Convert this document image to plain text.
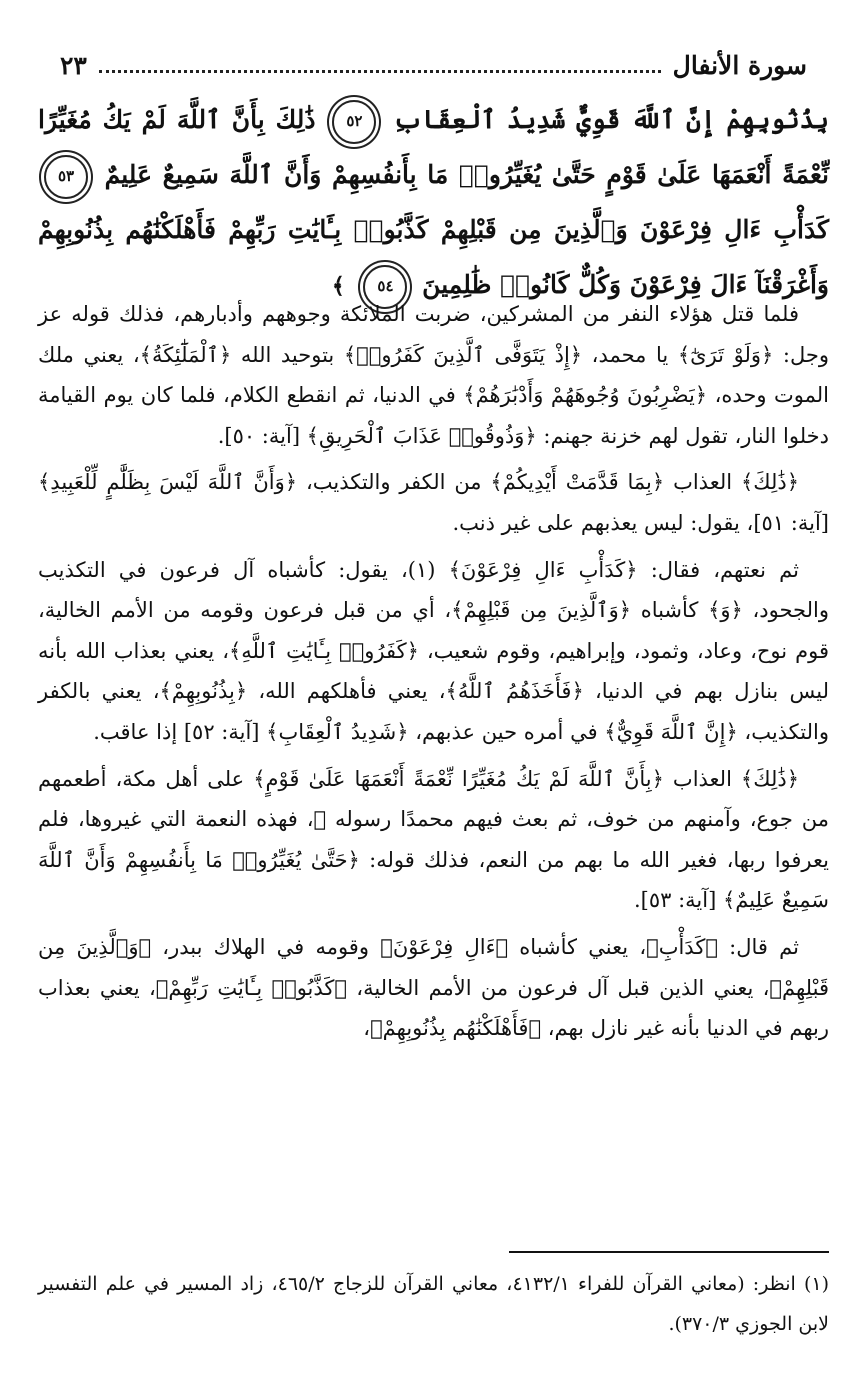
سورة الأنفال
٢٣
بِذُنُوبِهِمْ إِنَّ ٱللَّهَ قَوِيٌّ شَدِيدُ ٱلْعِقَابِ ٥٢ ذَٰلِكَ بِأَنَّ ٱللَّهَ لَمْ يَكُ مُغَيِّرًا نِّعْمَةً أَنْعَمَهَا عَلَىٰ قَوْمٍ حَتَّىٰ يُغَيِّرُوا۟ مَا بِأَنفُسِهِمْ وَأَنَّ ٱللَّهَ سَمِيعٌ عَلِيمٌ ٥٣ كَدَأْبِ ءَالِ فِرْعَوْنَ وَٱلَّذِينَ مِن قَبْلِهِمْ كَذَّبُوا۟ بِـَٔايَٰتِ رَبِّهِمْ فَأَهْلَكْنَٰهُم بِذُنُوبِهِمْ وَأَغْرَقْنَآ ءَالَ فِرْعَوْنَ وَكُلٌّ كَانُوا۟ ظَٰلِمِينَ ٥٤ ﴾

فلما قتل هؤلاء النفر من المشركين، ضربت الملائكة وجوههم وأدبارهم، فذلك قوله عز وجل: ﴿وَلَوْ تَرَىٰٓ﴾ يا محمد، ﴿إِذْ يَتَوَفَّى ٱلَّذِينَ كَفَرُوا۟﴾ بتوحيد الله ﴿ٱلْمَلَٰٓئِكَةُ﴾، يعني ملك الموت وحده، ﴿يَضْرِبُونَ وُجُوهَهُمْ وَأَدْبَٰرَهُمْ﴾ في الدنيا، ثم انقطع الكلام، فلما كان يوم القيامة دخلوا النار، تقول لهم خزنة جهنم: ﴿وَذُوقُوا۟ عَذَابَ ٱلْحَرِيقِ﴾ [آية: ٥٠].

﴿ذَٰلِكَ﴾ العذاب ﴿بِمَا قَدَّمَتْ أَيْدِيكُمْ﴾ من الكفر والتكذيب، ﴿وَأَنَّ ٱللَّهَ لَيْسَ بِظَلَّٰمٍ لِّلْعَبِيدِ﴾ [آية: ٥١]، يقول: ليس يعذبهم على غير ذنب.

ثم نعتهم، فقال: ﴿كَدَأْبِ ءَالِ فِرْعَوْنَ﴾ (١)، يقول: كأشباه آل فرعون في التكذيب والجحود، ﴿وَ﴾ كأشباه ﴿وَٱلَّذِينَ مِن قَبْلِهِمْ﴾، أي من قبل فرعون وقومه من الأمم الخالية، قوم نوح، وعاد، وثمود، وإبراهيم، وقوم شعيب، ﴿كَفَرُوا۟ بِـَٔايَٰتِ ٱللَّهِ﴾، يعني بعذاب الله بأنه ليس بنازل بهم في الدنيا، ﴿فَأَخَذَهُمُ ٱللَّهُ﴾، يعني فأهلكهم الله، ﴿بِذُنُوبِهِمْ﴾، يعني بالكفر والتكذيب، ﴿إِنَّ ٱللَّهَ قَوِيٌّ﴾ في أمره حين عذبهم، ﴿شَدِيدُ ٱلْعِقَابِ﴾ [آية: ٥٢] إذا عاقب.

﴿ذَٰلِكَ﴾ العذاب ﴿بِأَنَّ ٱللَّهَ لَمْ يَكُ مُغَيِّرًا نِّعْمَةً أَنْعَمَهَا عَلَىٰ قَوْمٍ﴾ على أهل مكة، أطعمهم من جوع، وآمنهم من خوف، ثم بعث فيهم محمدًا رسوله ﷺ، فهذه النعمة التي غيروها، فلم يعرفوا ربها، فغير الله ما بهم من النعم، فذلك قوله: ﴿حَتَّىٰ يُغَيِّرُوا۟ مَا بِأَنفُسِهِمْ وَأَنَّ ٱللَّهَ سَمِيعٌ عَلِيمٌ﴾ [آية: ٥٣].

ثم قال: ﴿كَدَأْبِ﴾، يعني كأشباه ﴿ءَالِ فِرْعَوْنَ﴾ وقومه في الهلاك ببدر، ﴿وَٱلَّذِينَ مِن قَبْلِهِمْ﴾، يعني الذين قبل آل فرعون من الأمم الخالية، ﴿كَذَّبُوا۟ بِـَٔايَٰتِ رَبِّهِمْ﴾، يعني بعذاب ربهم في الدنيا بأنه غير نازل بهم، ﴿فَأَهْلَكْنَٰهُم بِذُنُوبِهِمْ﴾،

(١) انظر: (معاني القرآن للفراء ٤١٣٢/١، معاني القرآن للزجاج ٤٦٥/٢، زاد المسير في علم التفسير لابن الجوزي ٣٧٠/٣).
